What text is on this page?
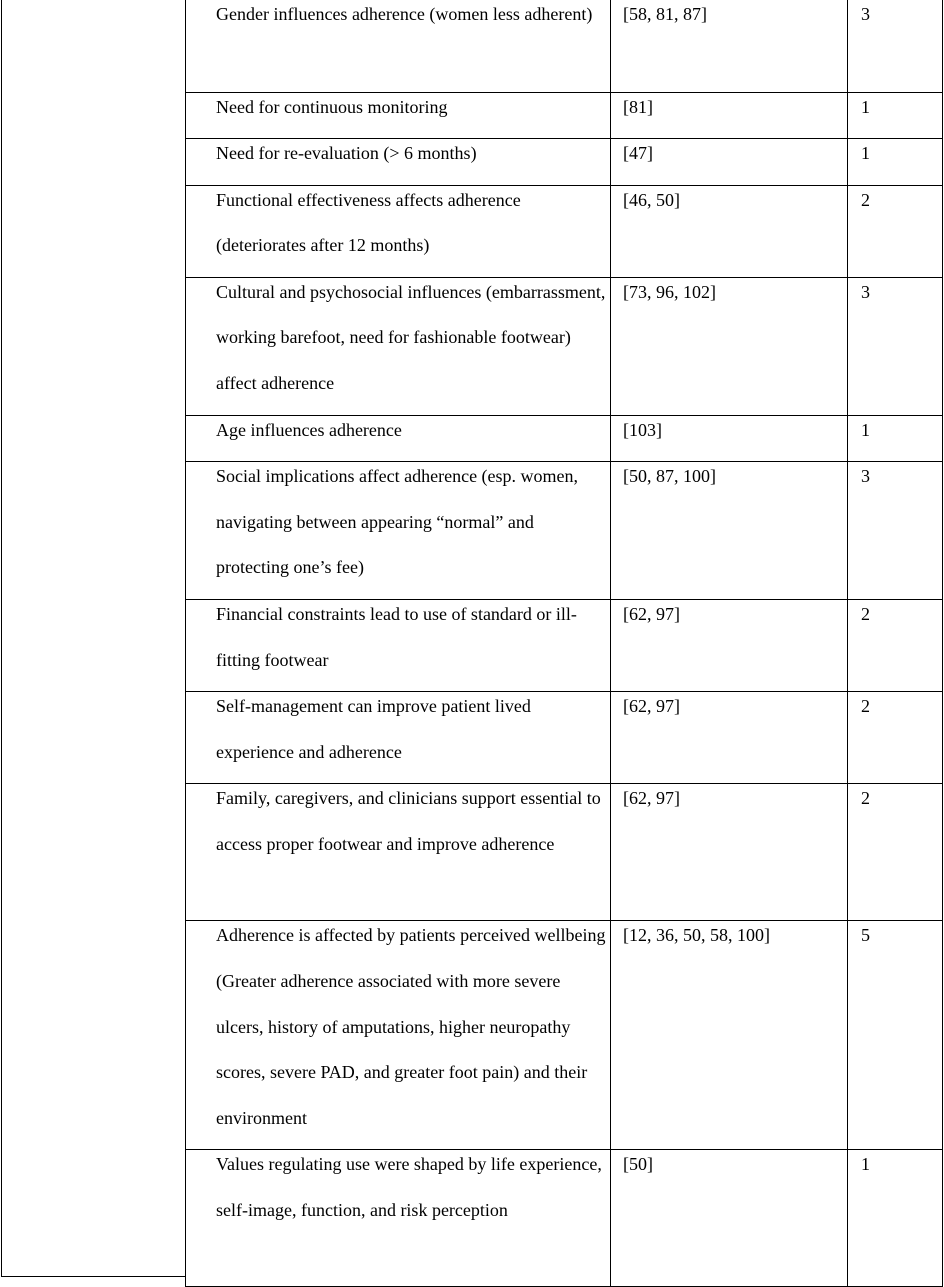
Gender influences adherence (women less adherent)	[58, 81, 87]	3

Need for continuous monitoring	[81]	1

Need for re-evaluation (> 6 months)	[47]	1

Functional effectiveness affects adherence (deteriorates after 12 months)	[46, 50]	2

Cultural and psychosocial influences (embarrassment, working barefoot, need for fashionable footwear) affect adherence	[73, 96, 102]	3

Age influences adherence	[103]	1

Social implications affect adherence (esp. women, navigating between appearing “normal” and protecting one’s fee)	[50, 87, 100]	3

Financial constraints lead to use of standard or ill-fitting footwear	[62, 97]	2

Self-management can improve patient lived experience and adherence	[62, 97]	2

Family, caregivers, and clinicians support essential to access proper footwear and improve adherence	[62, 97]	2

Adherence is affected by patients perceived wellbeing (Greater adherence associated with more severe ulcers, history of amputations, higher neuropathy scores, severe PAD, and greater foot pain) and their environment	[12, 36, 50, 58, 100]	5

Values regulating use were shaped by life experience, self-image, function, and risk perception	[50]	1
